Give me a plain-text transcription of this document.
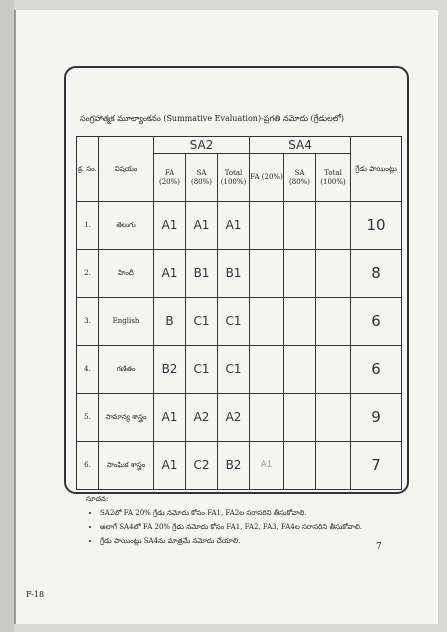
సంగ్రహాత్మక మూల్యాంకనం (Summative Evaluation)-ప్రగతి నమోదు (గ్రేడులలో)
క్ర. సం.	విషయం	SA2			SA4			గ్రేడు పాయింట్లు
		FA (20%)	SA (80%)	Total (100%)	FA (20%)	SA (80%)	Total (100%)	
1.	తెలుగు	A1	A1	A1				10
2.	హిందీ	A1	B1	B1				8
3.	English	B	C1	C1				6
4.	గణితం	B2	C1	C1				6
5.	సామాన్య శాస్త్రం	A1	A2	A2				9
6.	సాంఘిక శాస్త్రం	A1	C2	B2	A1			7
సూచన:
• SA2లో FA 20% గ్రేడు నమోదు కోసం FA1, FA2ల సరాసరిని తీసుకోవాలి.
• అలాగే SA4లో FA 20% గ్రేడు నమోదు కోసం FA1, FA2, FA3, FA4ల సరాసరిని తీసుకోవాలి.
• గ్రేడు పాయింట్లు SA4ను మాత్రమే నమోదు చేయాలి.
7
F-18
